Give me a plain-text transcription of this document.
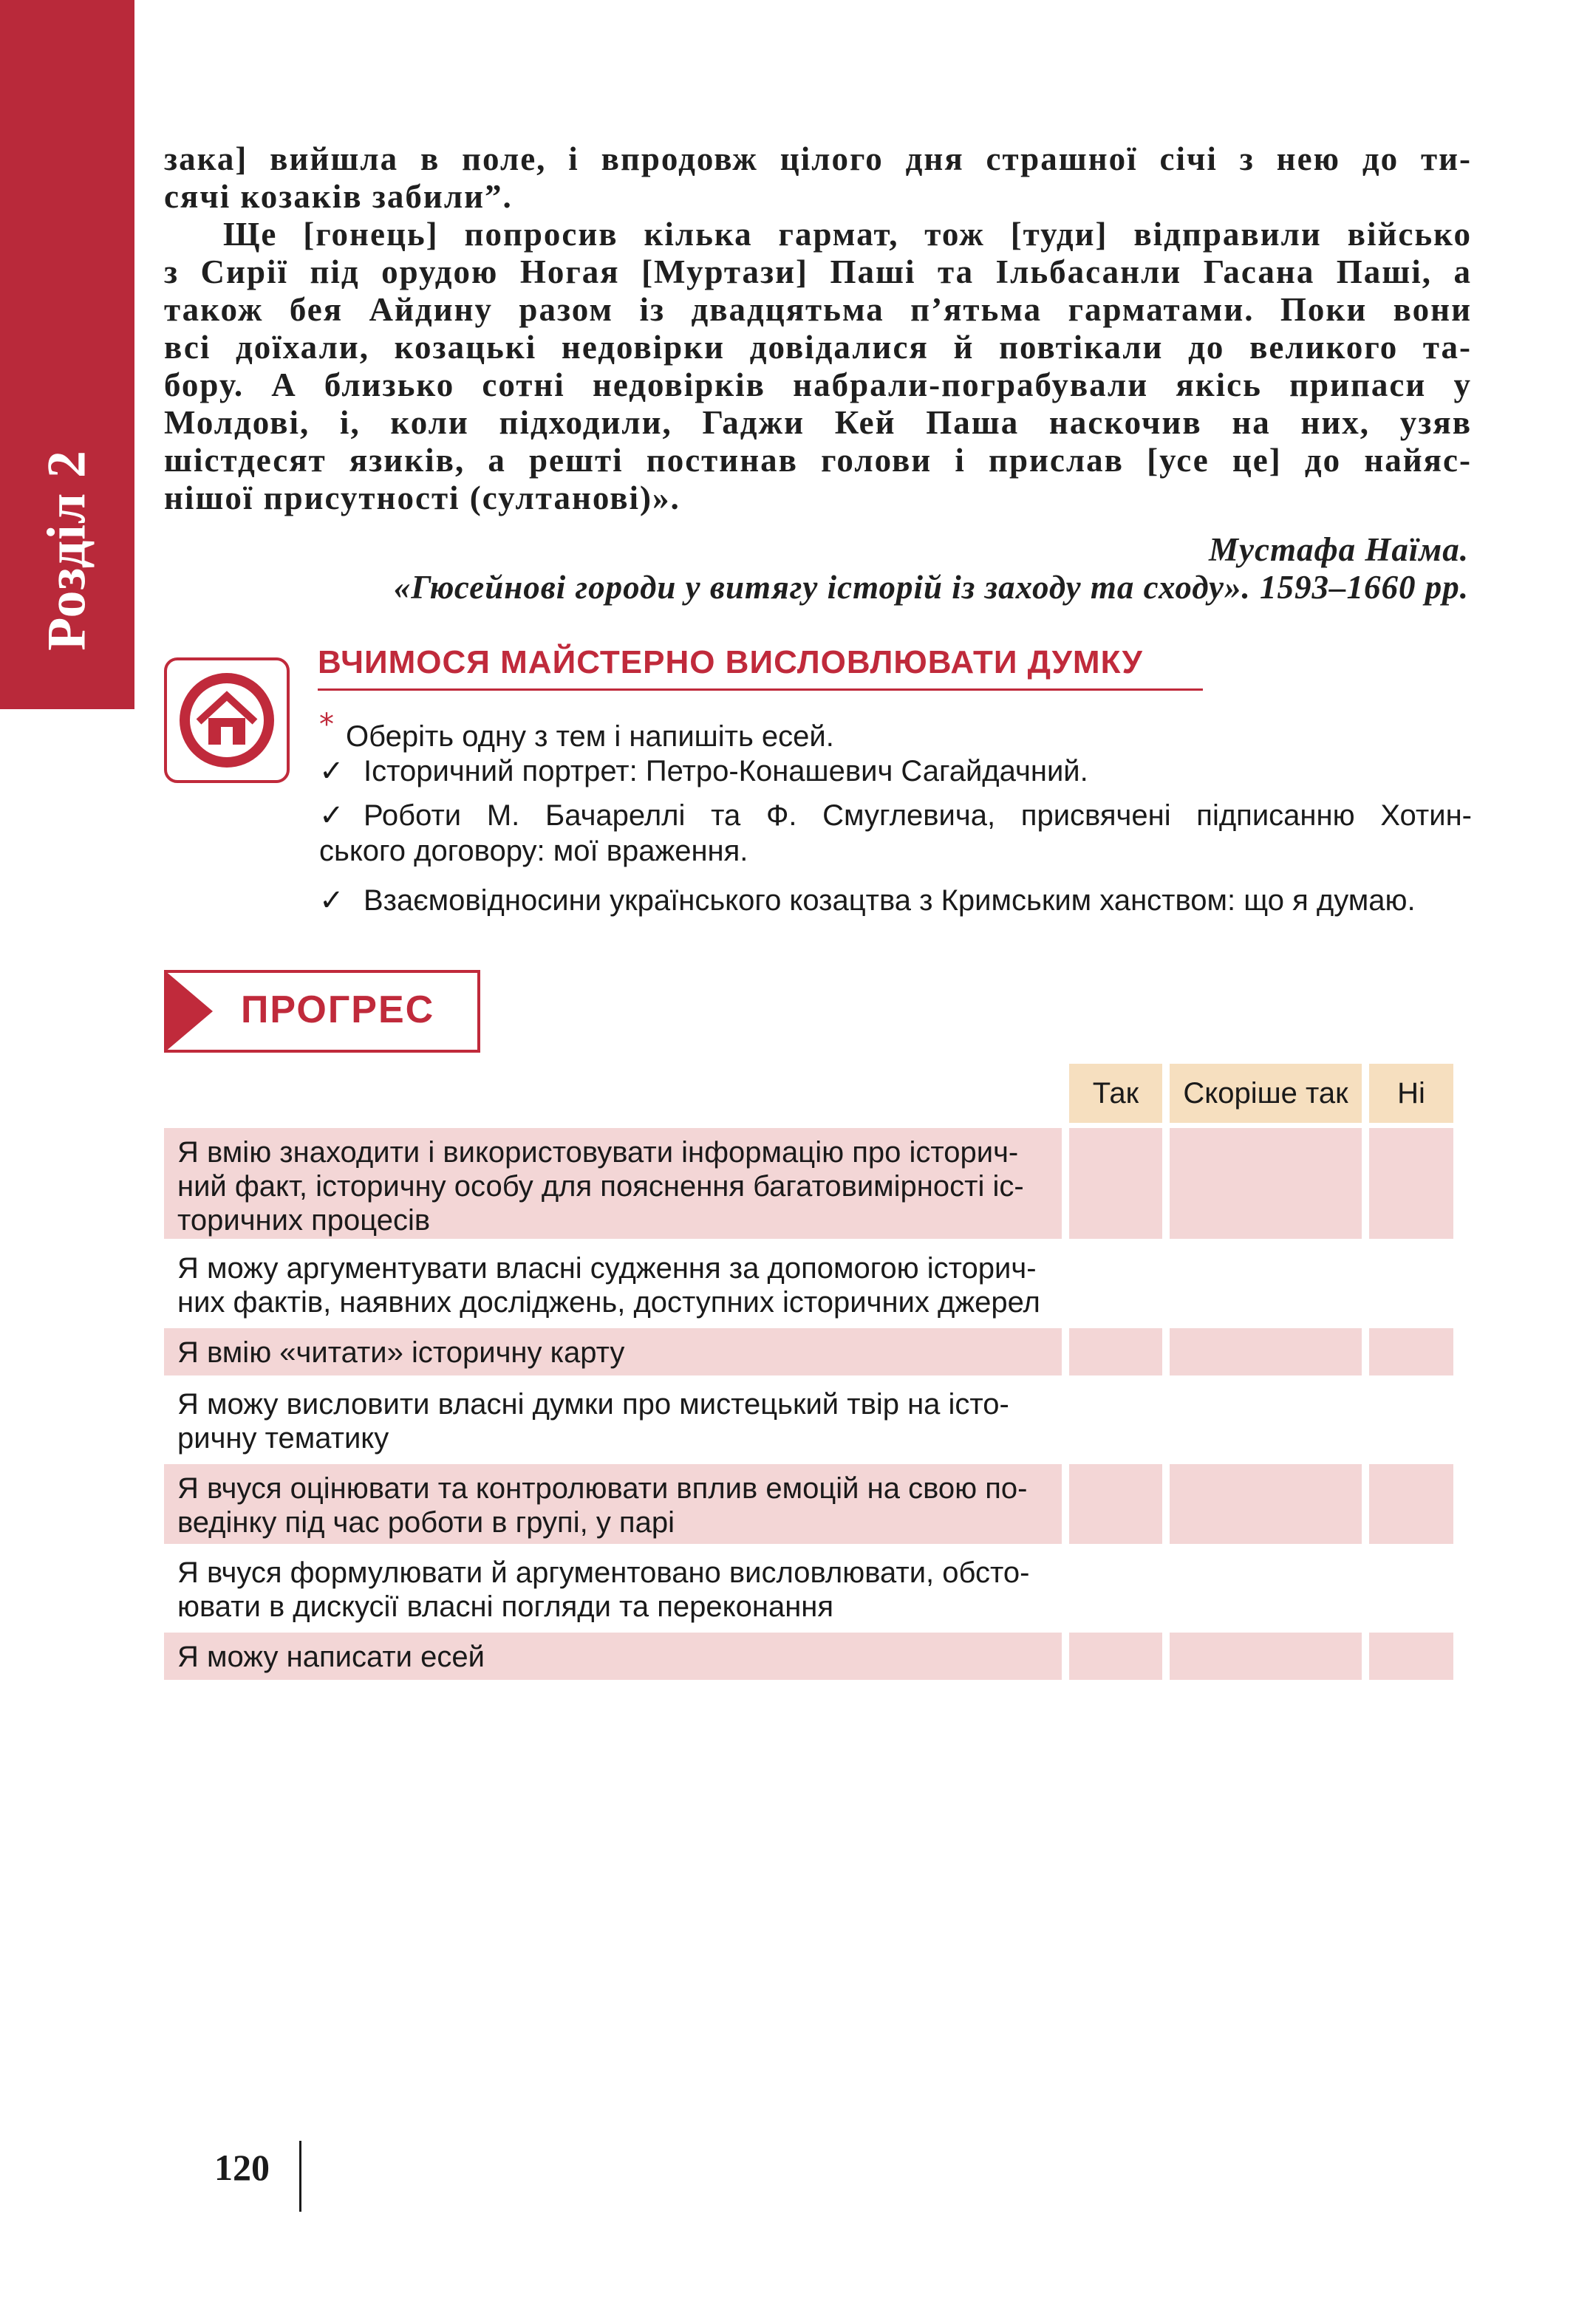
Розділ 2

зака] вийшла в поле, і впродовж цілого дня страшної січі з нею до ти-

сячі козаків забили”.

Ще [гонець] попросив кілька гармат, тож [туди] відправили військо

з Сирії під орудою Ногая [Муртази] Паші та Ільбасанли Гасана Паші, а

також бея Айдину разом із двадцятьма п’ятьма гарматами. Поки вони

всі доїхали, козацькі недовірки довідалися й повтікали до великого та-

бору. А близько сотні недовірків набрали-пограбували якісь припаси у

Молдові, і, коли підходили, Гаджи Кей Паша наскочив на них, узяв

шістдесят язиків, а решті постинав голови і прислав [усе це] до найяс-

нішої присутності (султанові)».

Мустафа Наїма.
«Гюсейнові городи у витягу історій із заходу та сходу». 1593–1660 рр.
ВЧИМОСЯ МАЙСТЕРНО ВИСЛОВЛЮВАТИ ДУМКУ
* Оберіть одну з тем і напишіть есей.
✓ Історичний портрет: Петро-Конашевич Сагайдачний.
✓ Роботи М. Бачареллі та Ф. Смуглевича, присвячені підписанню Хотин-
ського договору: мої враження.
✓ Взаємовідносини українського козацтва з Кримським ханством: що я думаю.
ПРОГРЕС
Так	Скоріше так	Ні
Я вмію знаходити і використовувати інформацію про історич-
ний факт, історичну особу для пояснення багатовимірності іс-
торичних процесів
Я можу аргументувати власні судження за допомогою історич-
них фактів, наявних досліджень, доступних історичних джерел
Я вмію «читати» історичну карту
Я можу висловити власні думки про мистецький твір на істо-
ричну тематику
Я вчуся оцінювати та контролювати вплив емоцій на свою по-
ведінку під час роботи в групі, у парі
Я вчуся формулювати й аргументовано висловлювати, обсто-
ювати в дискусії власні погляди та переконання
Я можу написати есей
120
